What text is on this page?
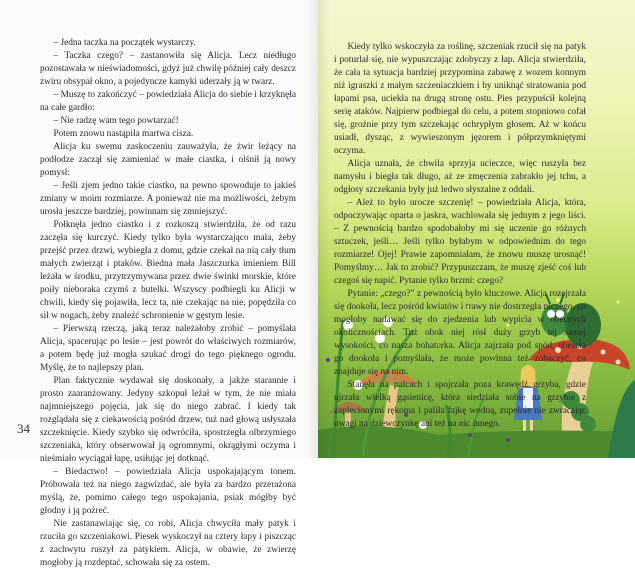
– Jedna taczka na początek wystarczy.

– Taczka czego? – zastanowiła się Alicja. Lecz niedługo pozostawała w nieświadomości, gdyż już chwilę później cały deszcz żwiru obsypał okno, a pojedyncze kamyki uderzały ją w twarz.

– Muszę to zakończyć – powiedziała Alicja do siebie i krzyknęła na całe gardło:

– Nie radzę wam tego powtarzać!

Potem znowu nastąpiła martwa cisza.

Alicja ku swemu zaskoczeniu zauważyła, że żwir leżący na podłodze zaczął się zamieniać w małe ciastka, i olśnił ją nowy pomysł:

– Jeśli zjem jedno takie ciastko, na pewno spowoduje to jakieś zmiany w moim rozmiarze. A ponieważ nie ma możliwości, żebym urosła jeszcze bardziej, powinnam się zmniejszyć.

Połknęła jedno ciastko i z rozkoszą stwierdziła, że od razu zaczęła się kurczyć. Kiedy tylko była wystarczająco mała, żeby przejść przez drzwi, wybiegła z domu, gdzie czekał na nią cały tłum małych zwierząt i ptaków. Biedna mała Jaszczurka imieniem Bill leżała w środku, przytrzymywana przez dwie świnki morskie, które poiły nieboraka czymś z butelki. Wszyscy podbiegli ku Alicji w chwili, kiedy się pojawiła, lecz ta, nie czekając na nie, popędziła co sił w nogach, żeby znaleźć schronienie w gęstym lesie.

– Pierwszą rzeczą, jaką teraz należałoby zrobić – pomyślała Alicja, spacerując po lesie – jest powrót do właściwych rozmiarów, a potem będę już mogła szukać drogi do tego pięknego ogrodu. Myślę, że to najlepszy plan.

Plan faktycznie wydawał się doskonały, a jakże starannie i prosto zaaranżowany. Jedyny szkopuł leżał w tym, że nie miała najmniejszego pojęcia, jak się do niego zabrać. I kiedy tak rozglądała się z ciekawością pośród drzew, tuż nad głową usłyszała szczeknięcie. Kiedy szybko się odwróciła, spostrzegła olbrzymiego szczeniaka, który obserwował ją ogromnymi, okrągłymi oczyma i nieśmiało wyciągał łapę, usiłując jej dotknąć.

– Biedactwo! – powiedziała Alicja uspokajającym tonem. Próbowała też na niego zagwizdać, ale była za bardzo przerażona myślą, że, pomimo całego tego uspokajania, psiak mógłby być głodny i ją pożreć.

Nie zastanawiając się, co robi, Alicja chwyciła mały patyk i rzuciła go szczeniakowi. Piesek wyskoczył na cztery łapy i piszcząc z zachwytu ruszył za patykiem. Alicja, w obawie, że zwierzę mogłoby ją rozdeptać, schowała się za ostem.

34

Kiedy tylko wskoczyła za roślinę, szczeniak rzucił się na patyk i poturlał się, nie wypuszczając zdobyczy z łap. Alicja stwierdziła, że cała ta sytuacja bardziej przypomina zabawę z wozem konnym niż igraszki z małym szczeniaczkiem i by uniknąć stratowania pod łapami psa, uciekła na drugą stronę ostu. Pies przypuścił kolejną serię ataków. Najpierw podbiegał do celu, a potem stopniowo cofał się, groźnie przy tym szczekając ochrypłym głosem. Aż w końcu usiadł, dysząc, z wywieszonym jęzorem i półprzymkniętymi oczyma.

Alicja uznała, że chwila sprzyja ucieczce, więc ruszyła bez namysłu i biegła tak długo, aż ze zmęczenia zabrakło jej tchu, a odgłosy szczekania były już ledwo słyszalne z oddali.

– Ależ to było urocze szczenię! – powiedziała Alicja, która, odpoczywając oparta o jaskra, wachlowała się jednym z jego liści. – Z pewnością bardzo spodobałoby mi się uczenie go różnych sztuczek, jeśli… Jeśli tylko byłabym w odpowiednim do tego rozmiarze! Ojej! Prawie zapomniałam, że znowu muszę urosnąć! Pomyślmy… Jak to zrobić? Przypuszczam, że muszę zjeść coś lub czegoś się napić. Pytanie tylko brzmi: czego?

Pytanie: „czego?” z pewnością było kluczowe. Alicja rozejrzała się dookoła, lecz pośród kwiatów i trawy nie dostrzegła niczego, co mogłoby nadawać się do zjedzenia lub wypicia w obecnych okolicznościach. Tuż obok niej rósł duży grzyb tej samej wysokości, co nasza bohaterka. Alicja zajrzała pod spód, obeszła go dookoła i pomyślała, że może powinna też zobaczyć, co znajduje się na nim.

Stanęła na palcach i spojrzała poza krawędź grzyba, gdzie ujrzała wielką gąsienicę, która siedziała sobie na grzybie z zaplecionymi rękoma i paliła fajkę wodną, zupełnie nie zwracając uwagi na dziewczynkę ani też na nic innego.
